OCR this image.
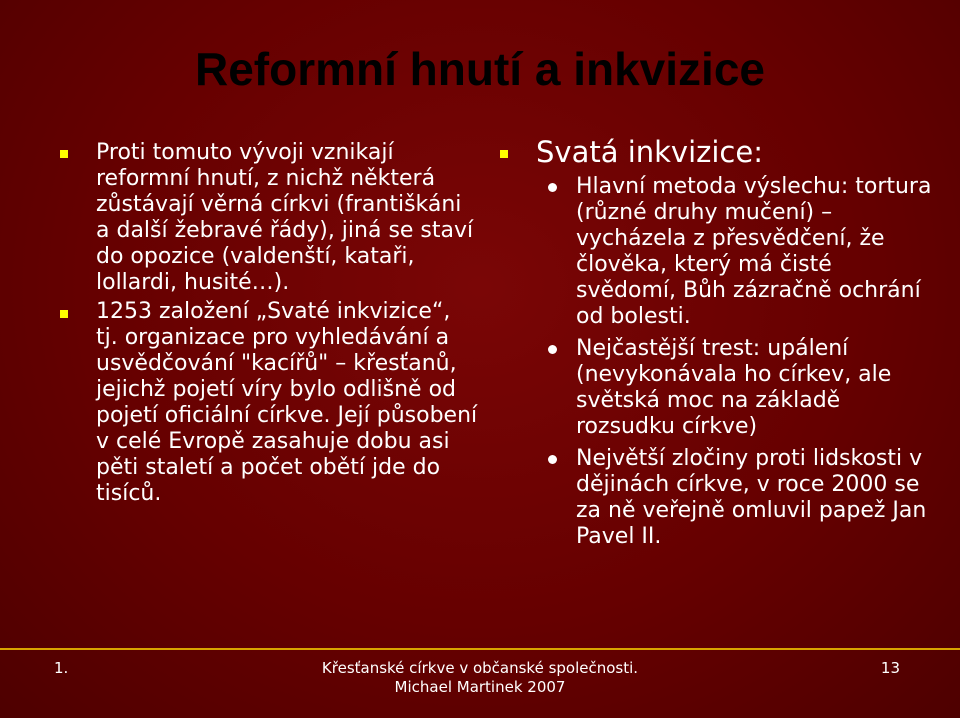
Reformní hnutí a inkvizice
Proti tomuto vývoji vznikají reformní hnutí, z nichž některá zůstávají věrná církvi (františkáni a další žebravé řády), jiná se staví do opozice (valdenští, kataři, lollardi, husité…).
1253 založení „Svaté inkvizice“, tj. organizace pro vyhledávání a usvědčování "kacířů" – křesťanů, jejichž pojetí víry bylo odlišně od pojetí oficiální církve. Její působení v celé Evropě zasahuje dobu asi pěti staletí a počet obětí jde do tisíců.
Svatá inkvizice:
Hlavní metoda výslechu: tortura (různé druhy mučení) – vycházela z přesvědčení, že člověka, který má čisté svědomí, Bůh zázračně ochrání od bolesti.
Nejčastější trest: upálení (nevykonávala ho církev, ale světská moc na základě rozsudku církve)
Největší zločiny proti lidskosti v dějinách církve, v roce 2000 se za ně veřejně omluvil papež Jan Pavel II.
1.	Křesťanské církve v občanské společnosti.
Michael Martinek 2007
13
